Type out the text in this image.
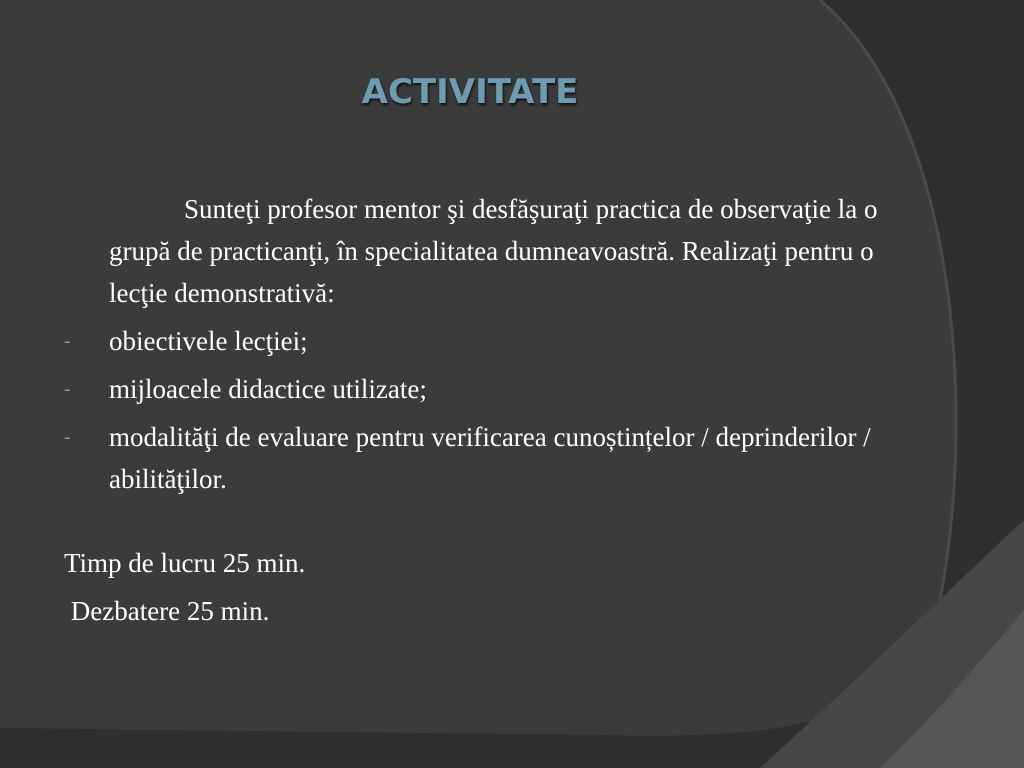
ACTIVITATE
Sunteţi profesor mentor şi desfăşuraţi practica de observaţie la o grupă de practicanţi, în specialitatea dumneavoastră. Realizaţi pentru o lecţie demonstrativă:
- obiectivele lecţiei;
- mijloacele didactice utilizate;
- modalităţi de evaluare pentru verificarea cunoștințelor / deprinderilor / abilităţilor.
Timp de lucru 25 min.
Dezbatere 25 min.
